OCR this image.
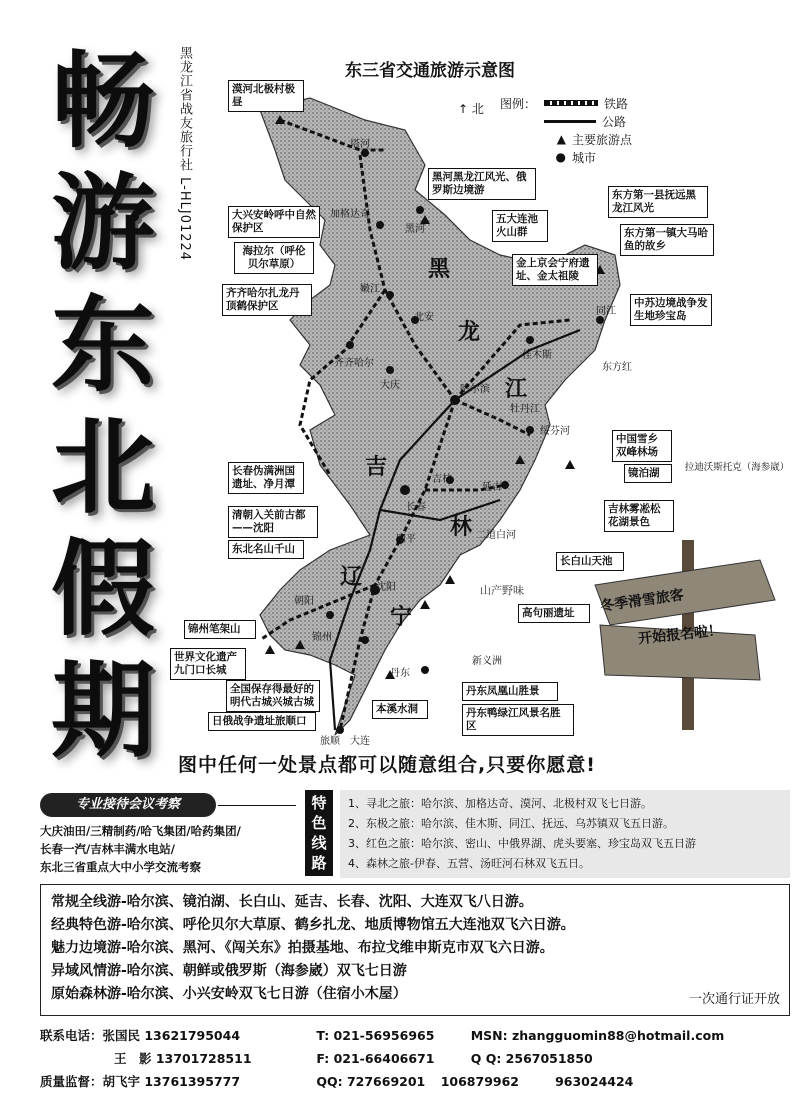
畅
游
东
北
假
期
黑龙江省战友旅行社 L-HLJ01224	东三省交通旅游示意图
黑
龙
江
吉
林
辽
宁
↑ 北
漠河北极村极昼
黑河黑龙江风光、俄罗斯边境游
大兴安岭呼中自然保护区
五大连池火山群
海拉尔（呼伦贝尔草原）	金上京会宁府遗址、金太祖陵
东方第一县抚远黑龙江风光
东方第一镇大马哈鱼的故乡
齐齐哈尔扎龙丹顶鹤保护区	中苏边境战争发生地珍宝岛
中国雪乡双峰林场
镜泊湖
长春伪满洲国遗址、净月潭
吉林雾凇松花湖景色
清朝入关前古都——沈阳
东北名山千山
长白山天池
锦州笔架山
高句丽遗址
世界文化遗产九门口长城
全国保存得最好的明代古城兴城古城
丹东凤凰山胜景
日俄战争遗址旅顺口
本溪水洞	丹东鸭绿江风景名胜区
拉迪沃斯托克（海参崴）
山产野味	冬季滑雪旅客
开始报名啦！
塔河
加格达奇
黑河
嫩江
北安
齐齐哈尔
大庆	哈尔滨
佳木斯
同江
东方红
牡丹江
绥芬河
延吉
吉林
长春
四平	二道白河
沈阳
朝阳
锦州
丹东
新义洲
旅顺 大连
图例：	铁路
公路
▲ 主要旅游点
● 城市
图中任何一处景点都可以随意组合,只要你愿意!
专业接待会议考察
大庆油田/三精制药/哈飞集团/哈药集团/
长春一汽/吉林丰满水电站/
东北三省重点大中小学交流考察
特
色
线
路
1、寻北之旅：哈尔滨、加格达奇、漠河、北极村双飞七日游。
2、东极之旅：哈尔滨、佳木斯、同江、抚远、乌苏镇双飞五日游。
3、红色之旅：哈尔滨、密山、中俄界湖、虎头要塞、珍宝岛双飞五日游
4、森林之旅-伊春、五营、汤旺河石林双飞五日。
常规全线游-哈尔滨、镜泊湖、长白山、延吉、长春、沈阳、大连双飞八日游。
经典特色游-哈尔滨、呼伦贝尔大草原、鹤乡扎龙、地质博物馆五大连池双飞六日游。
魅力边境游-哈尔滨、黑河、《闯关东》拍摄基地、布拉戈维申斯克市双飞六日游。
异域风情游-哈尔滨、朝鲜或俄罗斯（海参崴）双飞七日游
原始森林游-哈尔滨、小兴安岭双飞七日游（住宿小木屋）	一次通行证开放
联系电话：张国民 13621795044	T: 021-56956965	MSN: zhangguomin88@hotmail.com
王　影 13701728511	F: 021-66406671	Q Q: 2567051850
质量监督：胡飞宇 13761395777	QQ: 727669201 106879962	963024424
